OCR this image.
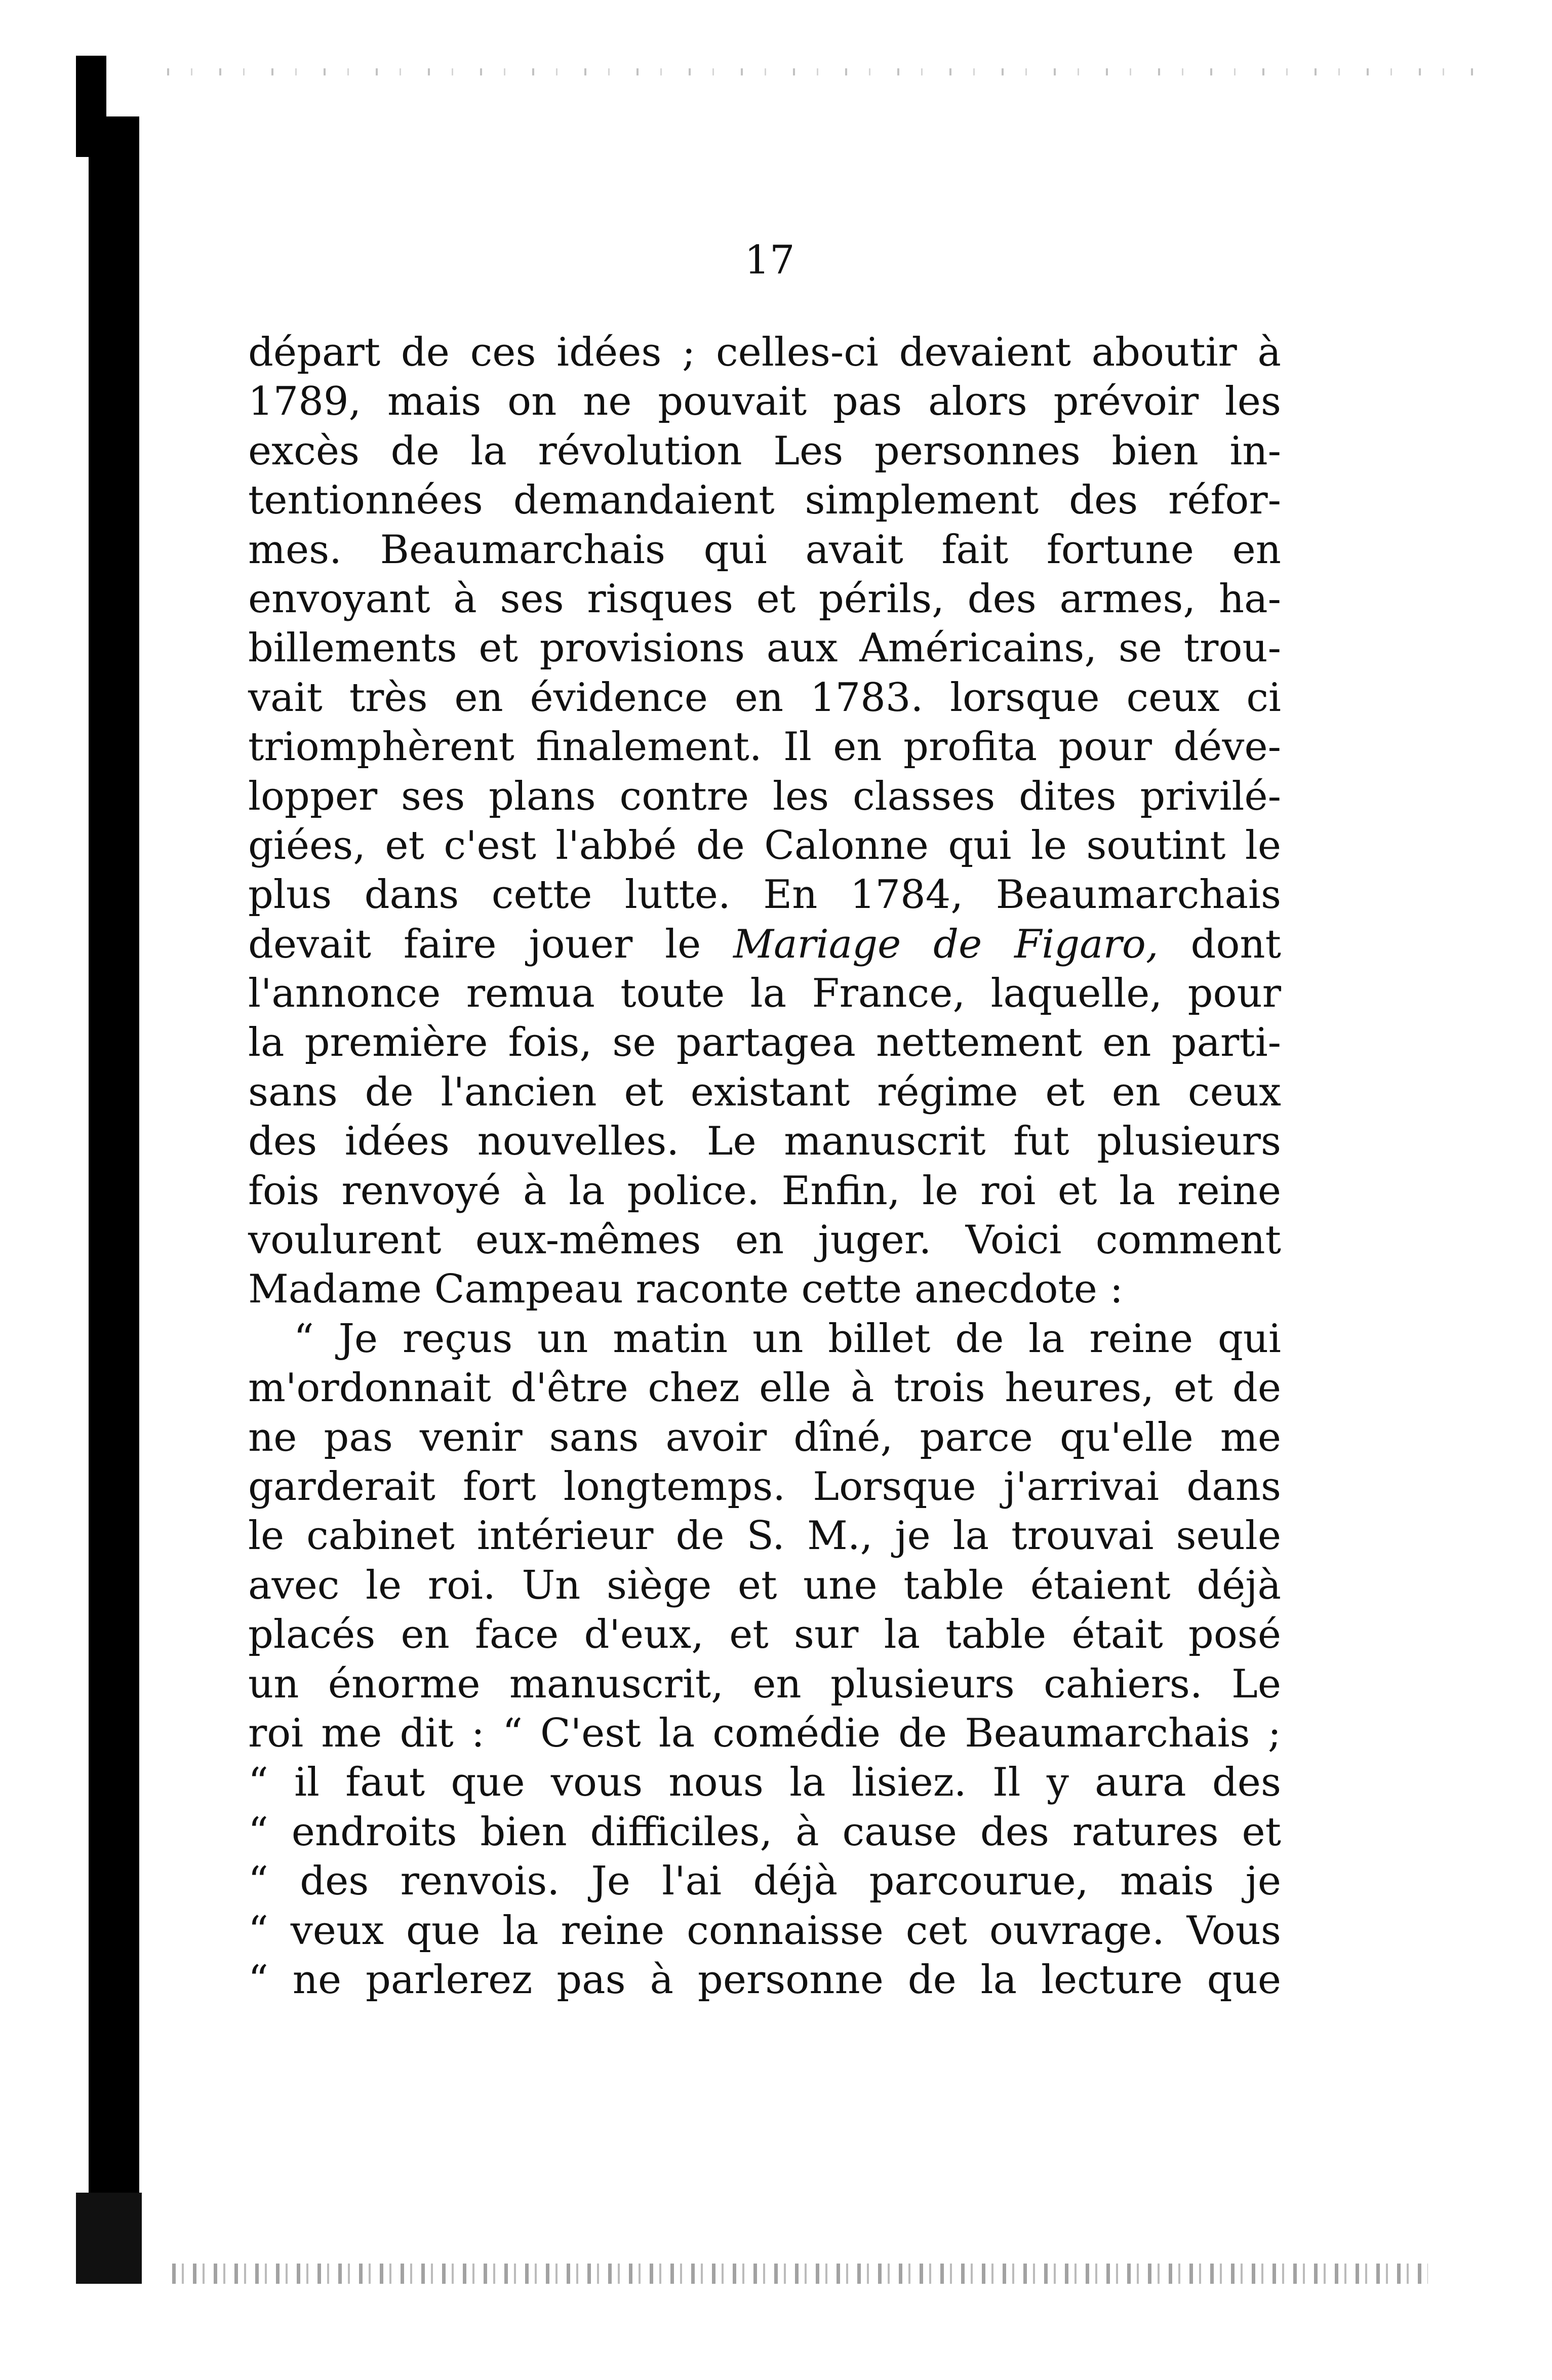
17
départ de ces idées ; celles-ci devaient aboutir à
1789, mais on ne pouvait pas alors prévoir les
excès de la révolution Les personnes bien in-
tentionnées demandaient simplement des réfor-
mes. Beaumarchais qui avait fait fortune en
envoyant à ses risques et périls, des armes, ha-
billements et provisions aux Américains, se trou-
vait très en évidence en 1783. lorsque ceux ci
triomphèrent finalement. Il en profita pour déve-
lopper ses plans contre les classes dites privilé-
giées, et c'est l'abbé de Calonne qui le soutint le
plus dans cette lutte. En 1784, Beaumarchais
devait faire jouer le Mariage de Figaro, dont
l'annonce remua toute la France, laquelle, pour
la première fois, se partagea nettement en parti-
sans de l'ancien et existant régime et en ceux
des idées nouvelles. Le manuscrit fut plusieurs
fois renvoyé à la police. Enfin, le roi et la reine
voulurent eux-mêmes en juger. Voici comment
Madame Campeau raconte cette anecdote :
“ Je reçus un matin un billet de la reine qui
m'ordonnait d'être chez elle à trois heures, et de
ne pas venir sans avoir dîné, parce qu'elle me
garderait fort longtemps. Lorsque j'arrivai dans
le cabinet intérieur de S. M., je la trouvai seule
avec le roi. Un siège et une table étaient déjà
placés en face d'eux, et sur la table était posé
un énorme manuscrit, en plusieurs cahiers. Le
roi me dit : “ C'est la comédie de Beaumarchais ;
“ il faut que vous nous la lisiez. Il y aura des
“ endroits bien difficiles, à cause des ratures et
“ des renvois. Je l'ai déjà parcourue, mais je
“ veux que la reine connaisse cet ouvrage. Vous
“ ne parlerez pas à personne de la lecture que
